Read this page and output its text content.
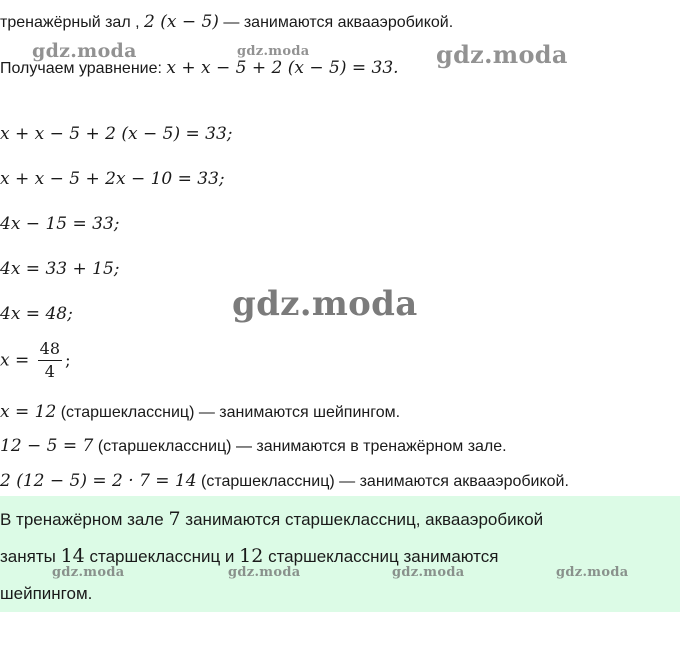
тренажёрный зал , 2 (x − 5) — занимаются аквааэробикой.
Получаем уравнение: x + x − 5 + 2 (x − 5) = 33.
x + x − 5 + 2 (x − 5) = 33;
x + x − 5 + 2x − 10 = 33;
4x − 15 = 33;
4x = 33 + 15;
4x = 48;
$x = \frac{48}{4}$ ;
x = 12 (старшеклассниц) — занимаются шейпингом.
12 − 5 = 7 (старшеклассниц) — занимаются в тренажёрном зале.
2 (12 − 5) = 2 · 7 = 14 (старшеклассниц) — занимаются аквааэробикой.
В тренажёрном зале 7 занимаются старшеклассниц, аквааэробикой
заняты 14 старшеклассниц и 12 старшеклассниц занимаются
шейпингом.
gdz.moda	gdz.moda	gdz.moda
gdz.moda
gdz.moda	gdz.moda	gdz.moda	gdz.moda
